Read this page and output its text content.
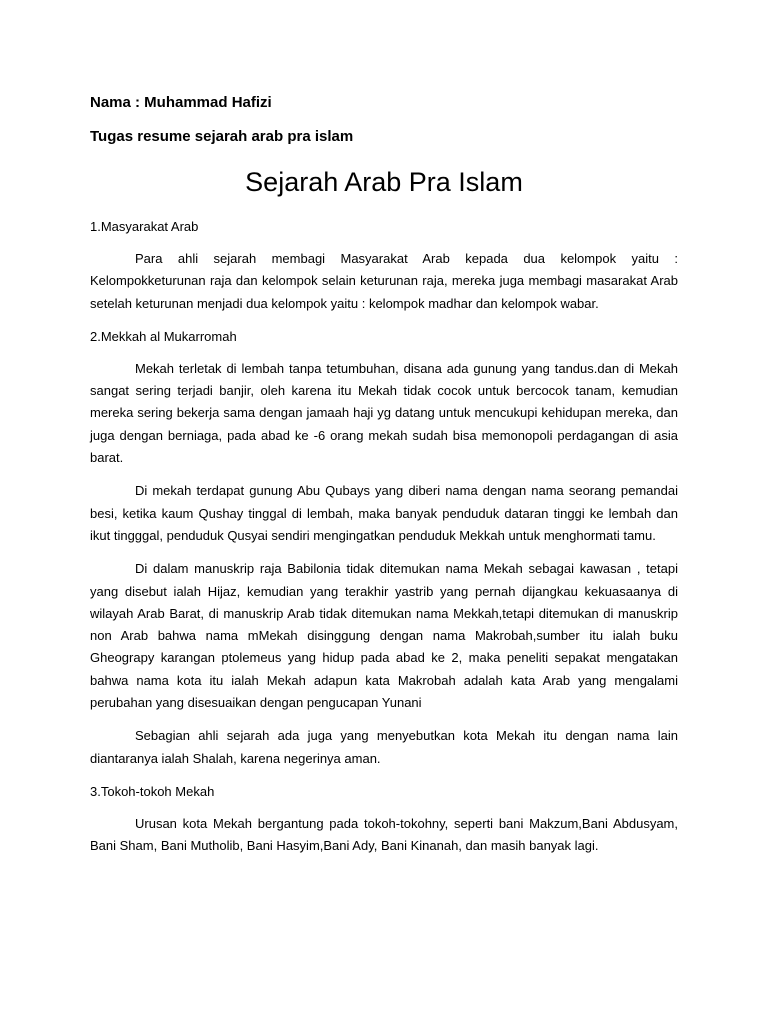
Nama : Muhammad Hafizi

Tugas resume sejarah arab pra islam

Sejarah Arab Pra Islam

1.Masyarakat Arab

Para ahli sejarah membagi Masyarakat Arab kepada dua kelompok yaitu : Kelompokketurunan raja dan kelompok selain keturunan raja, mereka juga membagi masarakat Arab setelah keturunan menjadi dua kelompok yaitu : kelompok madhar dan kelompok wabar.

2.Mekkah al Mukarromah

Mekah terletak di lembah tanpa tetumbuhan, disana ada gunung yang tandus.dan di Mekah sangat sering terjadi banjir, oleh karena itu Mekah tidak cocok untuk bercocok tanam, kemudian mereka sering bekerja sama dengan jamaah haji yg datang untuk mencukupi kehidupan mereka, dan juga dengan berniaga, pada abad ke -6 orang mekah sudah bisa memonopoli perdagangan di asia barat.

Di mekah terdapat gunung Abu Qubays yang diberi nama dengan nama seorang pemandai besi, ketika kaum Qushay tinggal di lembah, maka banyak penduduk dataran tinggi ke lembah dan ikut tingggal, penduduk Qusyai sendiri mengingatkan penduduk Mekkah untuk menghormati tamu.

Di dalam manuskrip raja Babilonia tidak ditemukan nama Mekah sebagai kawasan , tetapi yang disebut ialah Hijaz, kemudian yang terakhir yastrib yang pernah dijangkau kekuasaanya di wilayah Arab Barat, di manuskrip Arab tidak ditemukan nama Mekkah,tetapi ditemukan di manuskrip non Arab bahwa nama mMekah disinggung dengan nama Makrobah,sumber itu ialah buku Gheograpy karangan ptolemeus yang hidup pada abad ke 2, maka peneliti sepakat mengatakan bahwa nama kota itu ialah Mekah adapun kata Makrobah adalah kata Arab yang mengalami perubahan yang disesuaikan dengan pengucapan Yunani

Sebagian ahli sejarah ada juga yang menyebutkan kota Mekah itu dengan nama lain diantaranya ialah Shalah, karena negerinya aman.

3.Tokoh-tokoh Mekah

Urusan kota Mekah bergantung pada tokoh-tokohny, seperti bani Makzum,Bani Abdusyam, Bani Sham, Bani Mutholib, Bani Hasyim,Bani Ady, Bani Kinanah, dan masih banyak lagi.
